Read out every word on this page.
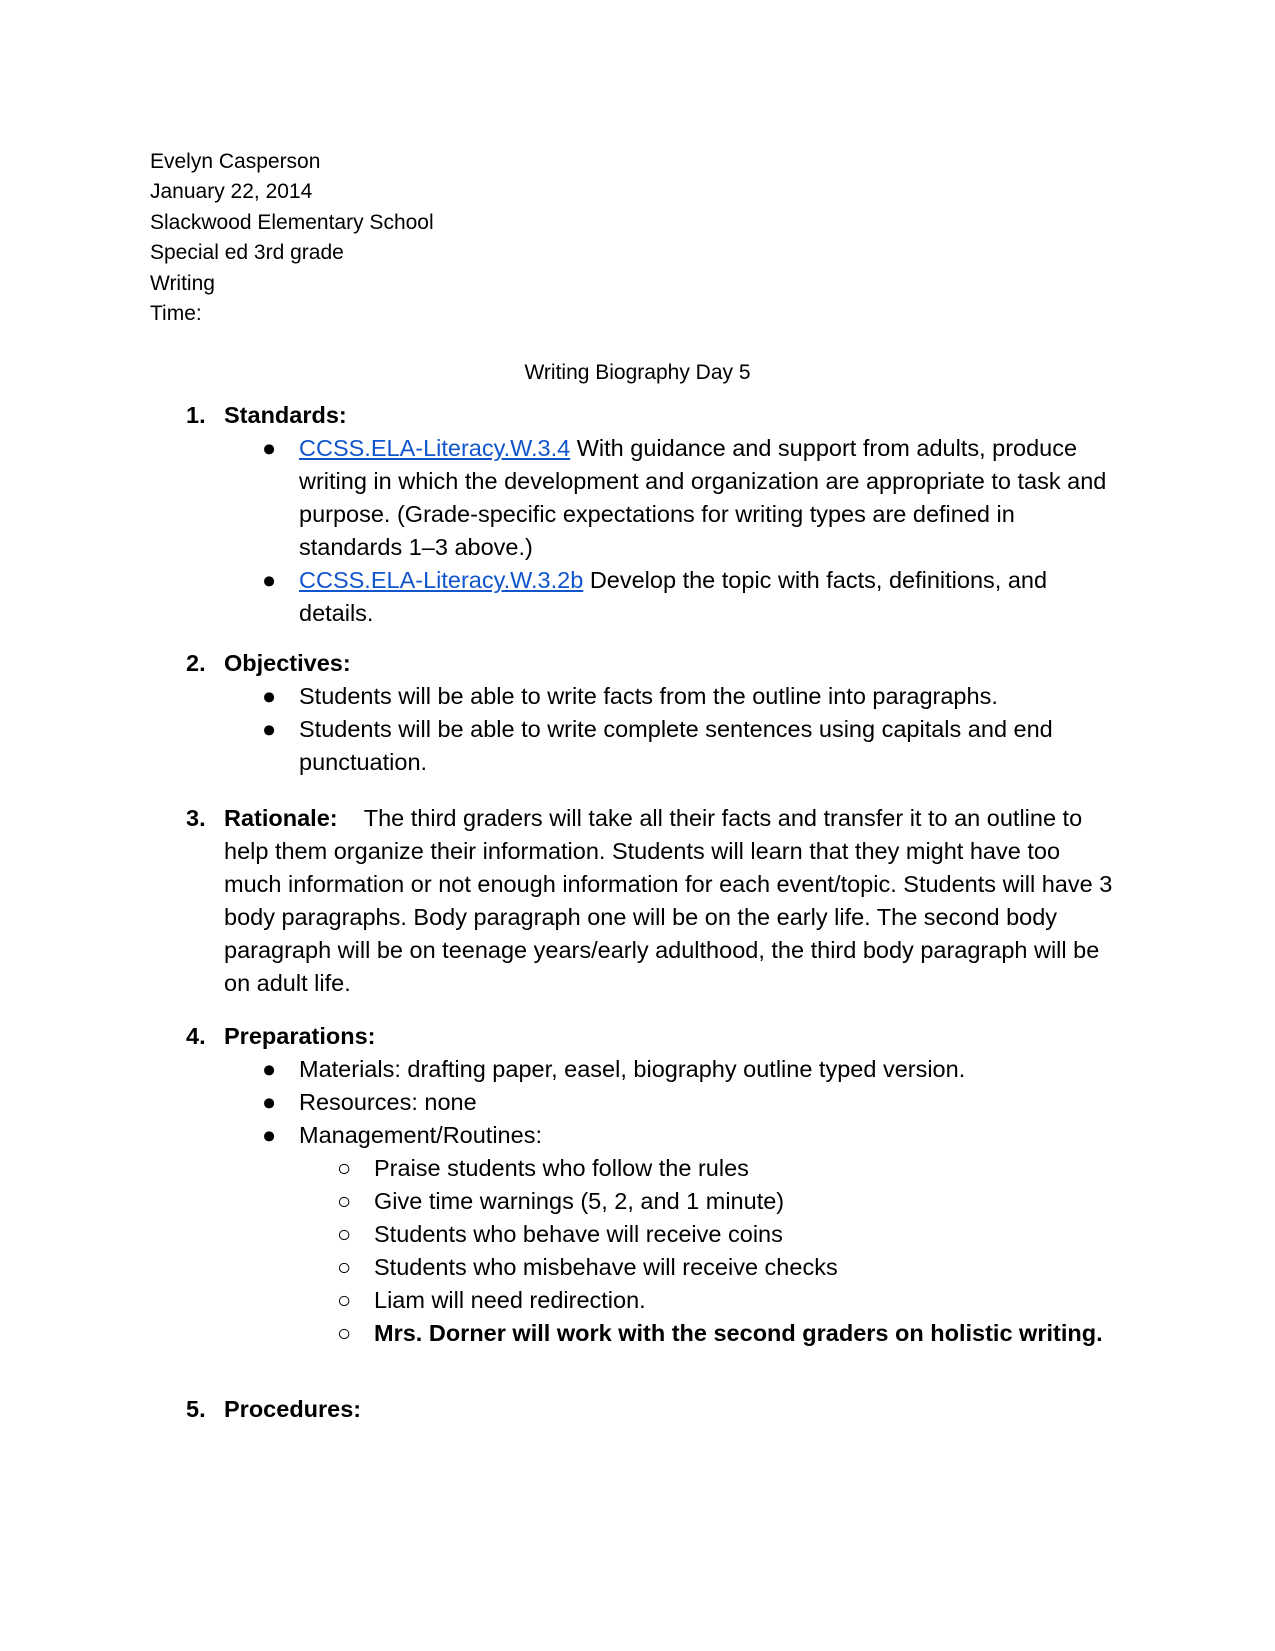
Evelyn Casperson
January 22, 2014
Slackwood Elementary School
Special ed 3rd grade
Writing
Time:
Writing Biography Day 5
1. Standards:
● CCSS.ELA-Literacy.W.3.4 With guidance and support from adults, produce writing in which the development and organization are appropriate to task and purpose. (Grade-specific expectations for writing types are defined in standards 1–3 above.)
● CCSS.ELA-Literacy.W.3.2b Develop the topic with facts, definitions, and details.
2. Objectives:
● Students will be able to write facts from the outline into paragraphs.
● Students will be able to write complete sentences using capitals and end punctuation.
3. Rationale: The third graders will take all their facts and transfer it to an outline to help them organize their information. Students will learn that they might have too much information or not enough information for each event/topic. Students will have 3 body paragraphs. Body paragraph one will be on the early life. The second body paragraph will be on teenage years/early adulthood, the third body paragraph will be on adult life.
4. Preparations:
● Materials: drafting paper, easel, biography outline typed version.
● Resources: none
● Management/Routines:
○ Praise students who follow the rules
○ Give time warnings (5, 2, and 1 minute)
○ Students who behave will receive coins
○ Students who misbehave will receive checks
○ Liam will need redirection.
○ Mrs. Dorner will work with the second graders on holistic writing.
5. Procedures:
